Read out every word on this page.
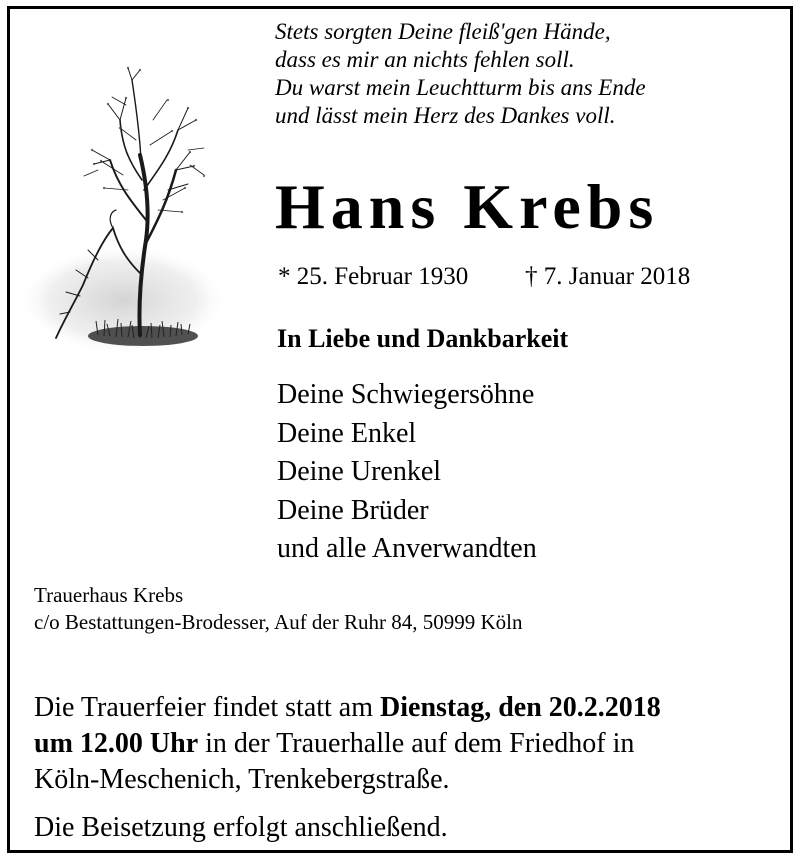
Stets sorgten Deine fleiß'gen Hände,
dass es mir an nichts fehlen soll.
Du warst mein Leuchtturm bis ans Ende
und lässt mein Herz des Dankes voll.
Hans Krebs
* 25. Februar 1930 † 7. Januar 2018
In Liebe und Dankbarkeit
Deine Schwiegersöhne
Deine Enkel
Deine Urenkel
Deine Brüder
und alle Anverwandten
Trauerhaus Krebs
c/o Bestattungen-Brodesser, Auf der Ruhr 84, 50999 Köln
Die Trauerfeier findet statt am Dienstag, den 20.2.2018
um 12.00 Uhr in der Trauerhalle auf dem Friedhof in
Köln-Meschenich, Trenkebergstraße.
Die Beisetzung erfolgt anschließend.
